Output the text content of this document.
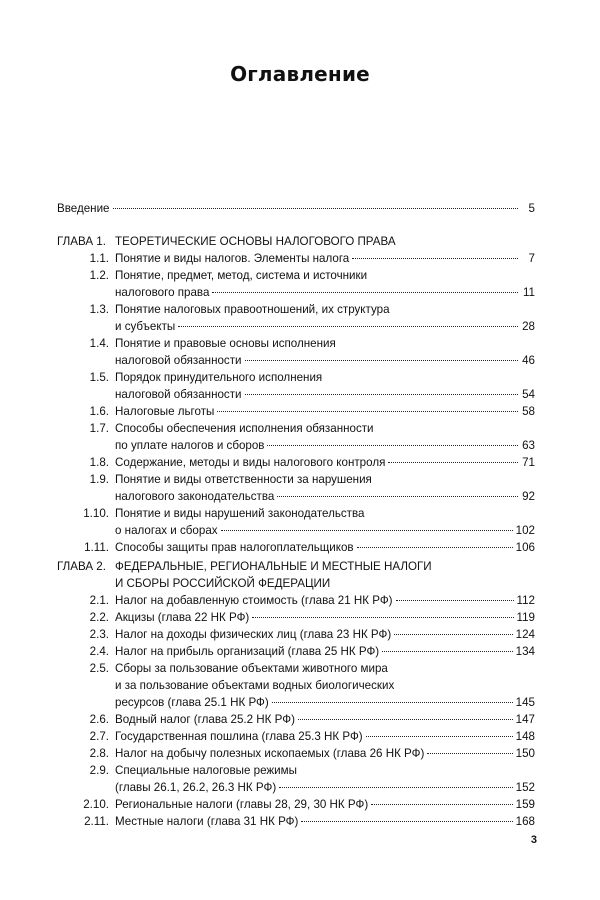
Оглавление
Введение	5
ГЛАВА 1. ТЕОРЕТИЧЕСКИЕ ОСНОВЫ НАЛОГОВОГО ПРАВА
1.1. Понятие и виды налогов. Элементы налога	7
1.2. Понятие, предмет, метод, система и источники
налогового права	11
1.3. Понятие налоговых правоотношений, их структура
и субъекты	28
1.4. Понятие и правовые основы исполнения
налоговой обязанности	46
1.5. Порядок принудительного исполнения
налоговой обязанности	54
1.6. Налоговые льготы	58
1.7. Способы обеспечения исполнения обязанности
по уплате налогов и сборов	63
1.8. Содержание, методы и виды налогового контроля	71
1.9. Понятие и виды ответственности за нарушения
налогового законодательства	92
1.10. Понятие и виды нарушений законодательства
о налогах и сборах	102
1.11. Способы защиты прав налогоплательщиков	106
ГЛАВА 2. ФЕДЕРАЛЬНЫЕ, РЕГИОНАЛЬНЫЕ И МЕСТНЫЕ НАЛОГИ
И СБОРЫ РОССИЙСКОЙ ФЕДЕРАЦИИ
2.1. Налог на добавленную стоимость (глава 21 НК РФ)	112
2.2. Акцизы (глава 22 НК РФ)	119
2.3. Налог на доходы физических лиц (глава 23 НК РФ)	124
2.4. Налог на прибыль организаций (глава 25 НК РФ)	134
2.5. Сборы за пользование объектами животного мира
и за пользование объектами водных биологических
ресурсов (глава 25.1 НК РФ)	145
2.6. Водный налог (глава 25.2 НК РФ)	147
2.7. Государственная пошлина (глава 25.3 НК РФ)	148
2.8. Налог на добычу полезных ископаемых (глава 26 НК РФ)	150
2.9. Специальные налоговые режимы
(главы 26.1, 26.2, 26.3 НК РФ)	152
2.10. Региональные налоги (главы 28, 29, 30 НК РФ)	159
2.11. Местные налоги (глава 31 НК РФ)	168
3
